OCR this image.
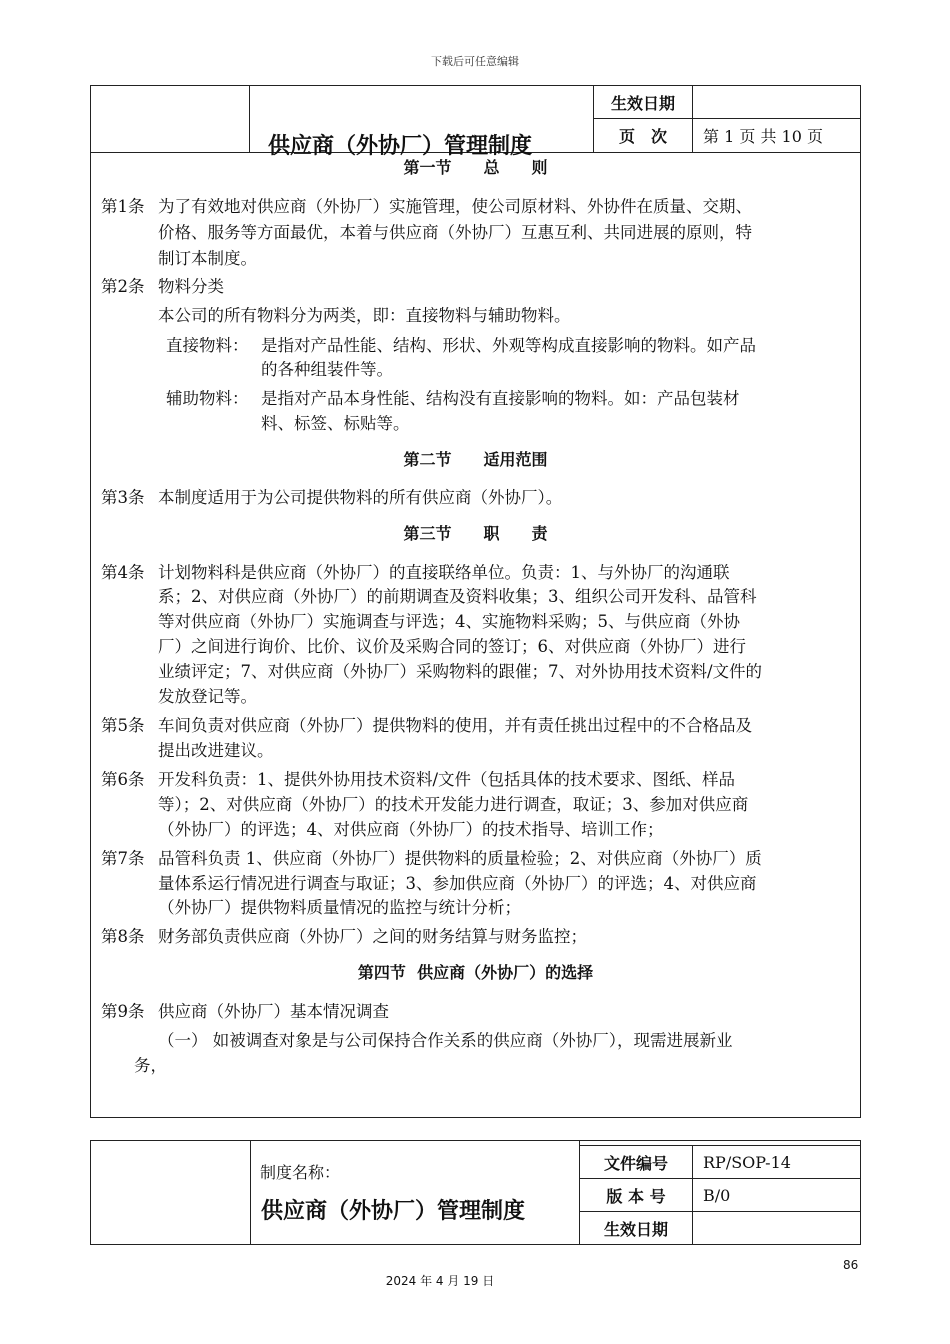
下载后可任意编辑
生效日期
页　次	第 1 页 共 10 页
供应商（外协厂）管理制度
第一节　　总　　则
第1条 为了有效地对供应商（外协厂）实施管理，使公司原材料、外协件在质量、交期、
价格、服务等方面最优，本着与供应商（外协厂）互惠互利、共同进展的原则，特
制订本制度。
第2条 物料分类
本公司的所有物料分为两类，即：直接物料与辅助物料。
直接物料： 是指对产品性能、结构、形状、外观等构成直接影响的物料。如产品
的各种组装件等。
辅助物料： 是指对产品本身性能、结构没有直接影响的物料。如：产品包装材
料、标签、标贴等。
第二节　　适用范围
第3条 本制度适用于为公司提供物料的所有供应商（外协厂）。
第三节　　职　　责
第4条 计划物料科是供应商（外协厂）的直接联络单位。负责：1、与外协厂的沟通联
系；2、对供应商（外协厂）的前期调查及资料收集；3、组织公司开发科、品管科
等对供应商（外协厂）实施调查与评选；4、实施物料采购；5、与供应商（外协
厂）之间进行询价、比价、议价及采购合同的签订；6、对供应商（外协厂）进行
业绩评定；7、对供应商（外协厂）采购物料的跟催；7、对外协用技术资料/文件的
发放登记等。
第5条 车间负责对供应商（外协厂）提供物料的使用，并有责任挑出过程中的不合格品及
提出改进建议。
第6条 开发科负责：1、提供外协用技术资料/文件（包括具体的技术要求、图纸、样品
等）；2、对供应商（外协厂）的技术开发能力进行调查，取证；3、参加对供应商
（外协厂）的评选；4、对供应商（外协厂）的技术指导、培训工作；
第7条 品管科负责 1、供应商（外协厂）提供物料的质量检验；2、对供应商（外协厂）质
量体系运行情况进行调查与取证；3、参加供应商（外协厂）的评选；4、对供应商
（外协厂）提供物料质量情况的监控与统计分析；
第8条 财务部负责供应商（外协厂）之间的财务结算与财务监控；
第四节  供应商（外协厂）的选择
第9条 供应商（外协厂）基本情况调查
（一） 如被调查对象是与公司保持合作关系的供应商（外协厂），现需进展新业
务，
制度名称：
供应商（外协厂）管理制度
文件编号	RP/SOP-14
版 本 号	B/0
生效日期
86
2024 年 4 月 19 日
